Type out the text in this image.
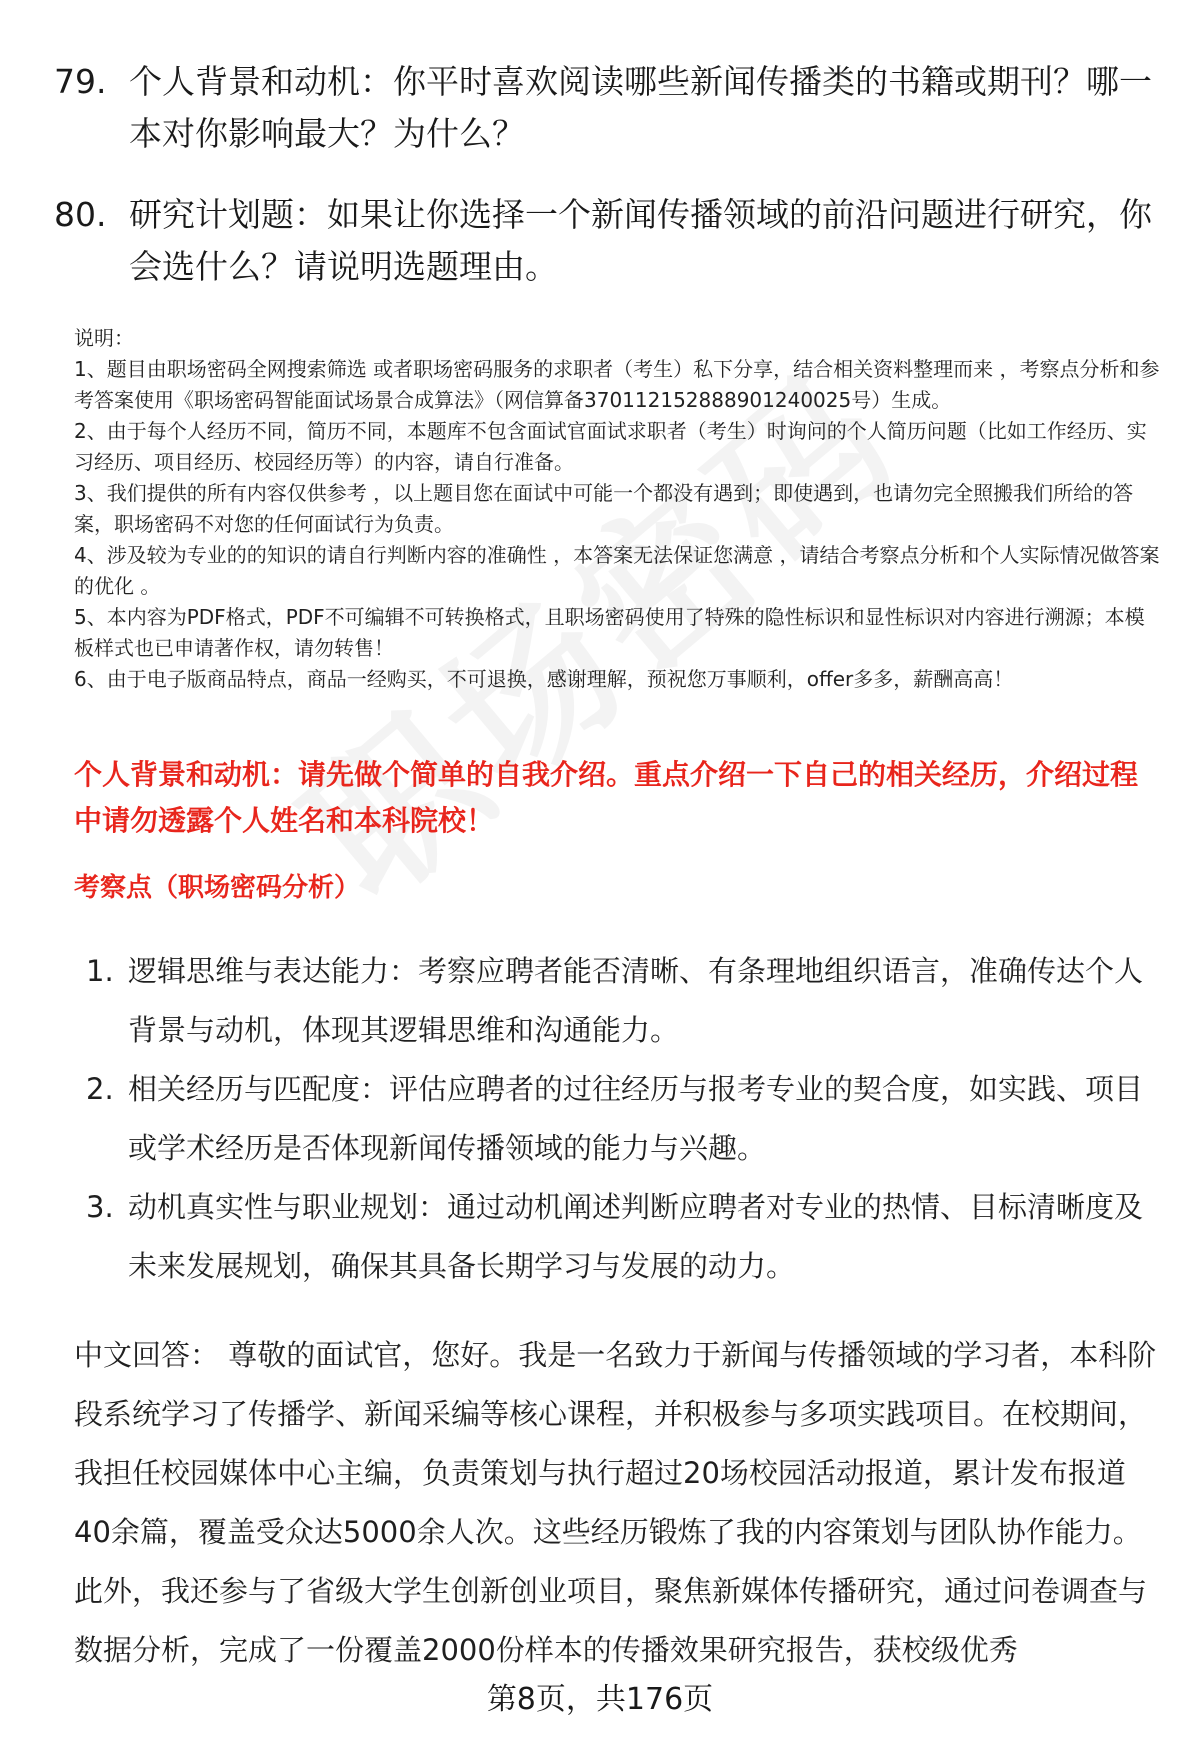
79. 个人背景和动机：你平时喜欢阅读哪些新闻传播类的书籍或期刊？哪一本对你影响最大？为什么？
80. 研究计划题：如果让你选择一个新闻传播领域的前沿问题进行研究，你会选什么？请说明选题理由。
说明：
1、题目由职场密码全网搜索筛选 或者职场密码服务的求职者（考生）私下分享，结合相关资料整理而来 ，考察点分析和参考答案使用《职场密码智能面试场景合成算法》（网信算备370112152888901240025号）生成。
2、由于每个人经历不同，简历不同，本题库不包含面试官面试求职者（考生）时询问的个人简历问题（比如工作经历、实习经历、项目经历、校园经历等）的内容，请自行准备。
3、我们提供的所有内容仅供参考 ，以上题目您在面试中可能一个都没有遇到；即使遇到，也请勿完全照搬我们所给的答案，职场密码不对您的任何面试行为负责。
4、涉及较为专业的的知识的请自行判断内容的准确性 ，本答案无法保证您满意 ，请结合考察点分析和个人实际情况做答案的优化 。
5、本内容为PDF格式，PDF不可编辑不可转换格式，且职场密码使用了特殊的隐性标识和显性标识对内容进行溯源；本模板样式也已申请著作权，请勿转售！
6、由于电子版商品特点，商品一经购买，不可退换，感谢理解，预祝您万事顺利，offer多多，薪酬高高！
个人背景和动机：请先做个简单的自我介绍。重点介绍一下自己的相关经历，介绍过程中请勿透露个人姓名和本科院校！
考察点（职场密码分析）
1. 逻辑思维与表达能力：考察应聘者能否清晰、有条理地组织语言，准确传达个人背景与动机，体现其逻辑思维和沟通能力。
2. 相关经历与匹配度：评估应聘者的过往经历与报考专业的契合度，如实践、项目或学术经历是否体现新闻传播领域的能力与兴趣。
3. 动机真实性与职业规划：通过动机阐述判断应聘者对专业的热情、目标清晰度及未来发展规划，确保其具备长期学习与发展的动力。
中文回答： 尊敬的面试官，您好。我是一名致力于新闻与传播领域的学习者，本科阶段系统学习了传播学、新闻采编等核心课程，并积极参与多项实践项目。在校期间，我担任校园媒体中心主编，负责策划与执行超过20场校园活动报道，累计发布报道40余篇，覆盖受众达5000余人次。这些经历锻炼了我的内容策划与团队协作能力。此外，我还参与了省级大学生创新创业项目，聚焦新媒体传播研究，通过问卷调查与数据分析，完成了一份覆盖2000份样本的传播效果研究报告，获校级优秀
第8页，共176页
